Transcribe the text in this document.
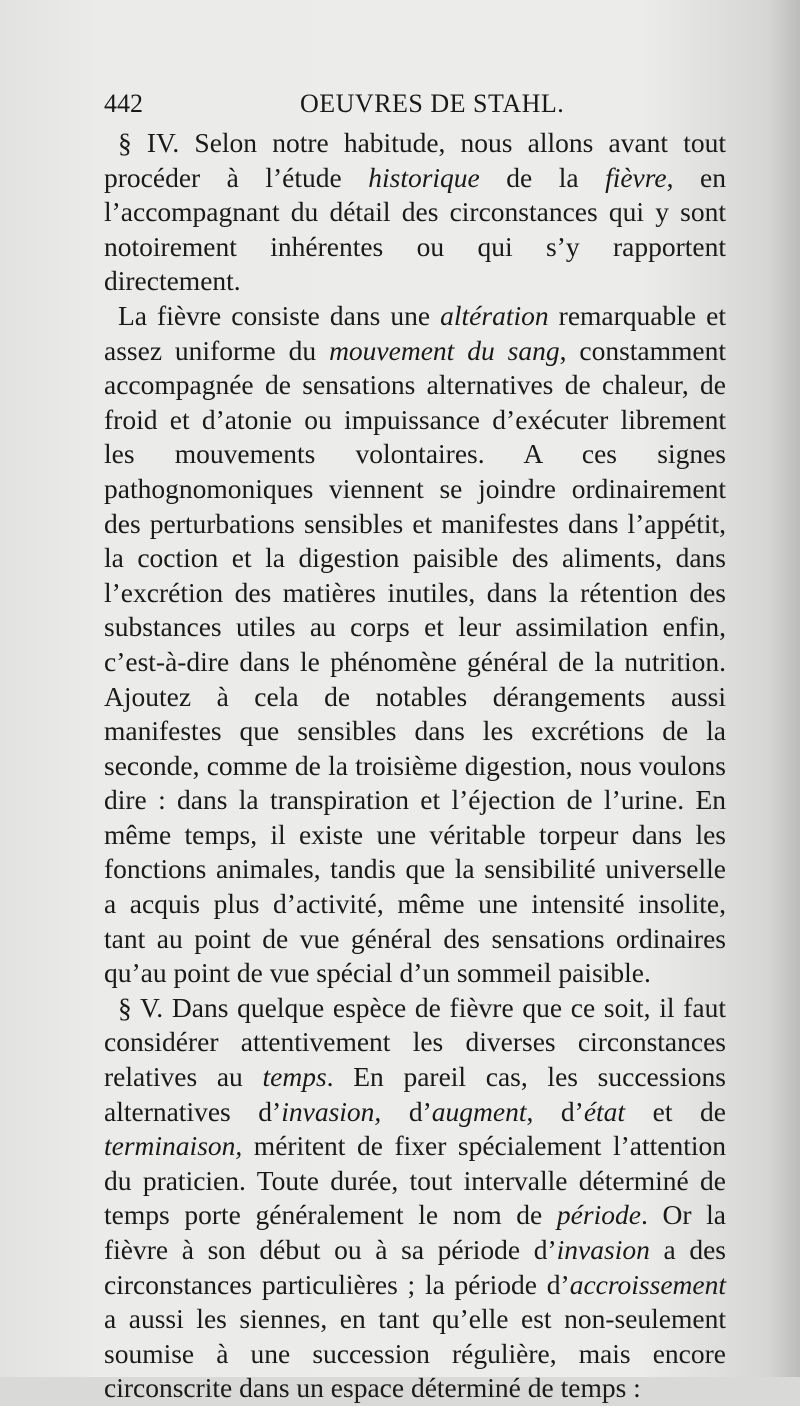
442	OEUVRES DE STAHL.

§ IV. Selon notre habitude, nous allons avant tout procéder à l’étude historique de la fièvre, en l’accompagnant du détail des circonstances qui y sont notoirement inhérentes ou qui s’y rapportent directement.

La fièvre consiste dans une altération remarquable et assez uniforme du mouvement du sang, constamment accompagnée de sensations alternatives de chaleur, de froid et d’atonie ou impuissance d’exécuter librement les mouvements volontaires. A ces signes pathognomoniques viennent se joindre ordinairement des perturbations sensibles et manifestes dans l’appétit, la coction et la digestion paisible des aliments, dans l’excrétion des matières inutiles, dans la rétention des substances utiles au corps et leur assimilation enfin, c’est-à-dire dans le phénomène général de la nutrition. Ajoutez à cela de notables dérangements aussi manifestes que sensibles dans les excrétions de la seconde, comme de la troisième digestion, nous voulons dire : dans la transpiration et l’éjection de l’urine. En même temps, il existe une véritable torpeur dans les fonctions animales, tandis que la sensibilité universelle a acquis plus d’activité, même une intensité insolite, tant au point de vue général des sensations ordinaires qu’au point de vue spécial d’un sommeil paisible.

§ V. Dans quelque espèce de fièvre que ce soit, il faut considérer attentivement les diverses circonstances relatives au temps. En pareil cas, les successions alternatives d’invasion, d’augment, d’état et de terminaison, méritent de fixer spécialement l’attention du praticien. Toute durée, tout intervalle déterminé de temps porte généralement le nom de période. Or la fièvre à son début ou à sa période d’invasion a des circonstances particulières ; la période d’accroissement a aussi les siennes, en tant qu’elle est non-seulement soumise à une succession régulière, mais encore circonscrite dans un espace déterminé de temps :
